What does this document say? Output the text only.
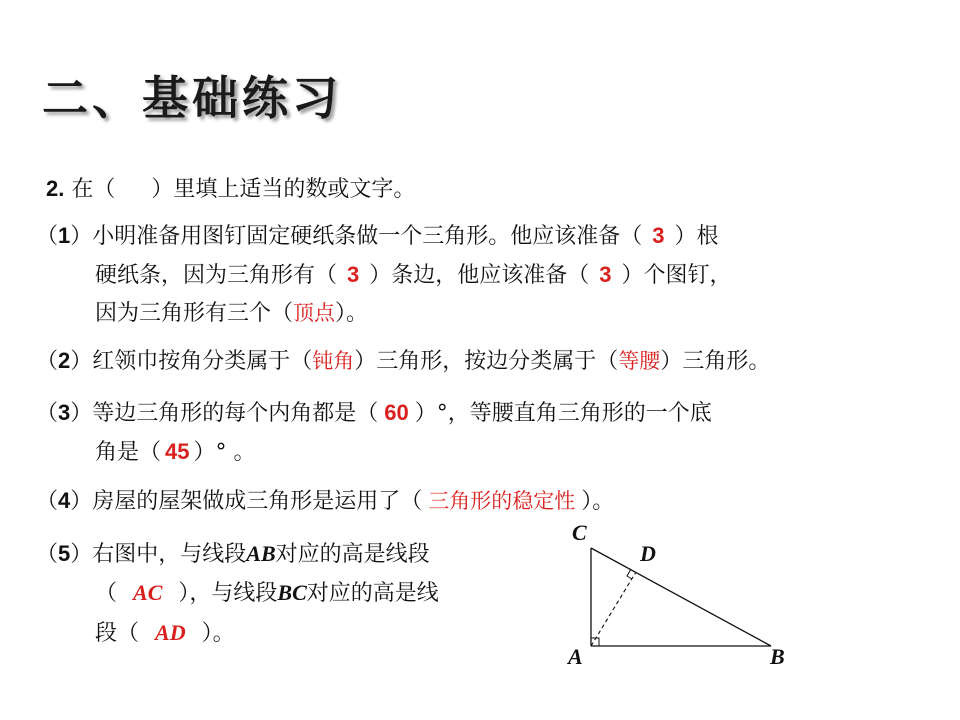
二、基础练习
2. 在（ ）里填上适当的数或文字。
（1）小明准备用图钉固定硬纸条做一个三角形。他应该准备（ 3 ）根
硬纸条，因为三角形有（ 3 ）条边，他应该准备（ 3 ）个图钉，
因为三角形有三个（顶点）。
（2）红领巾按角分类属于（钝角）三角形，按边分类属于（等腰）三角形。
（3）等边三角形的每个内角都是（ 60 ）°，等腰直角三角形的一个底
角是（ 45 ）° 。
（4）房屋的屋架做成三角形是运用了（ 三角形的稳定性 ）。
（5）右图中，与线段AB对应的高是线段
（ AC ），与线段BC对应的高是线
段（ AD ）。
C
D
A	B
